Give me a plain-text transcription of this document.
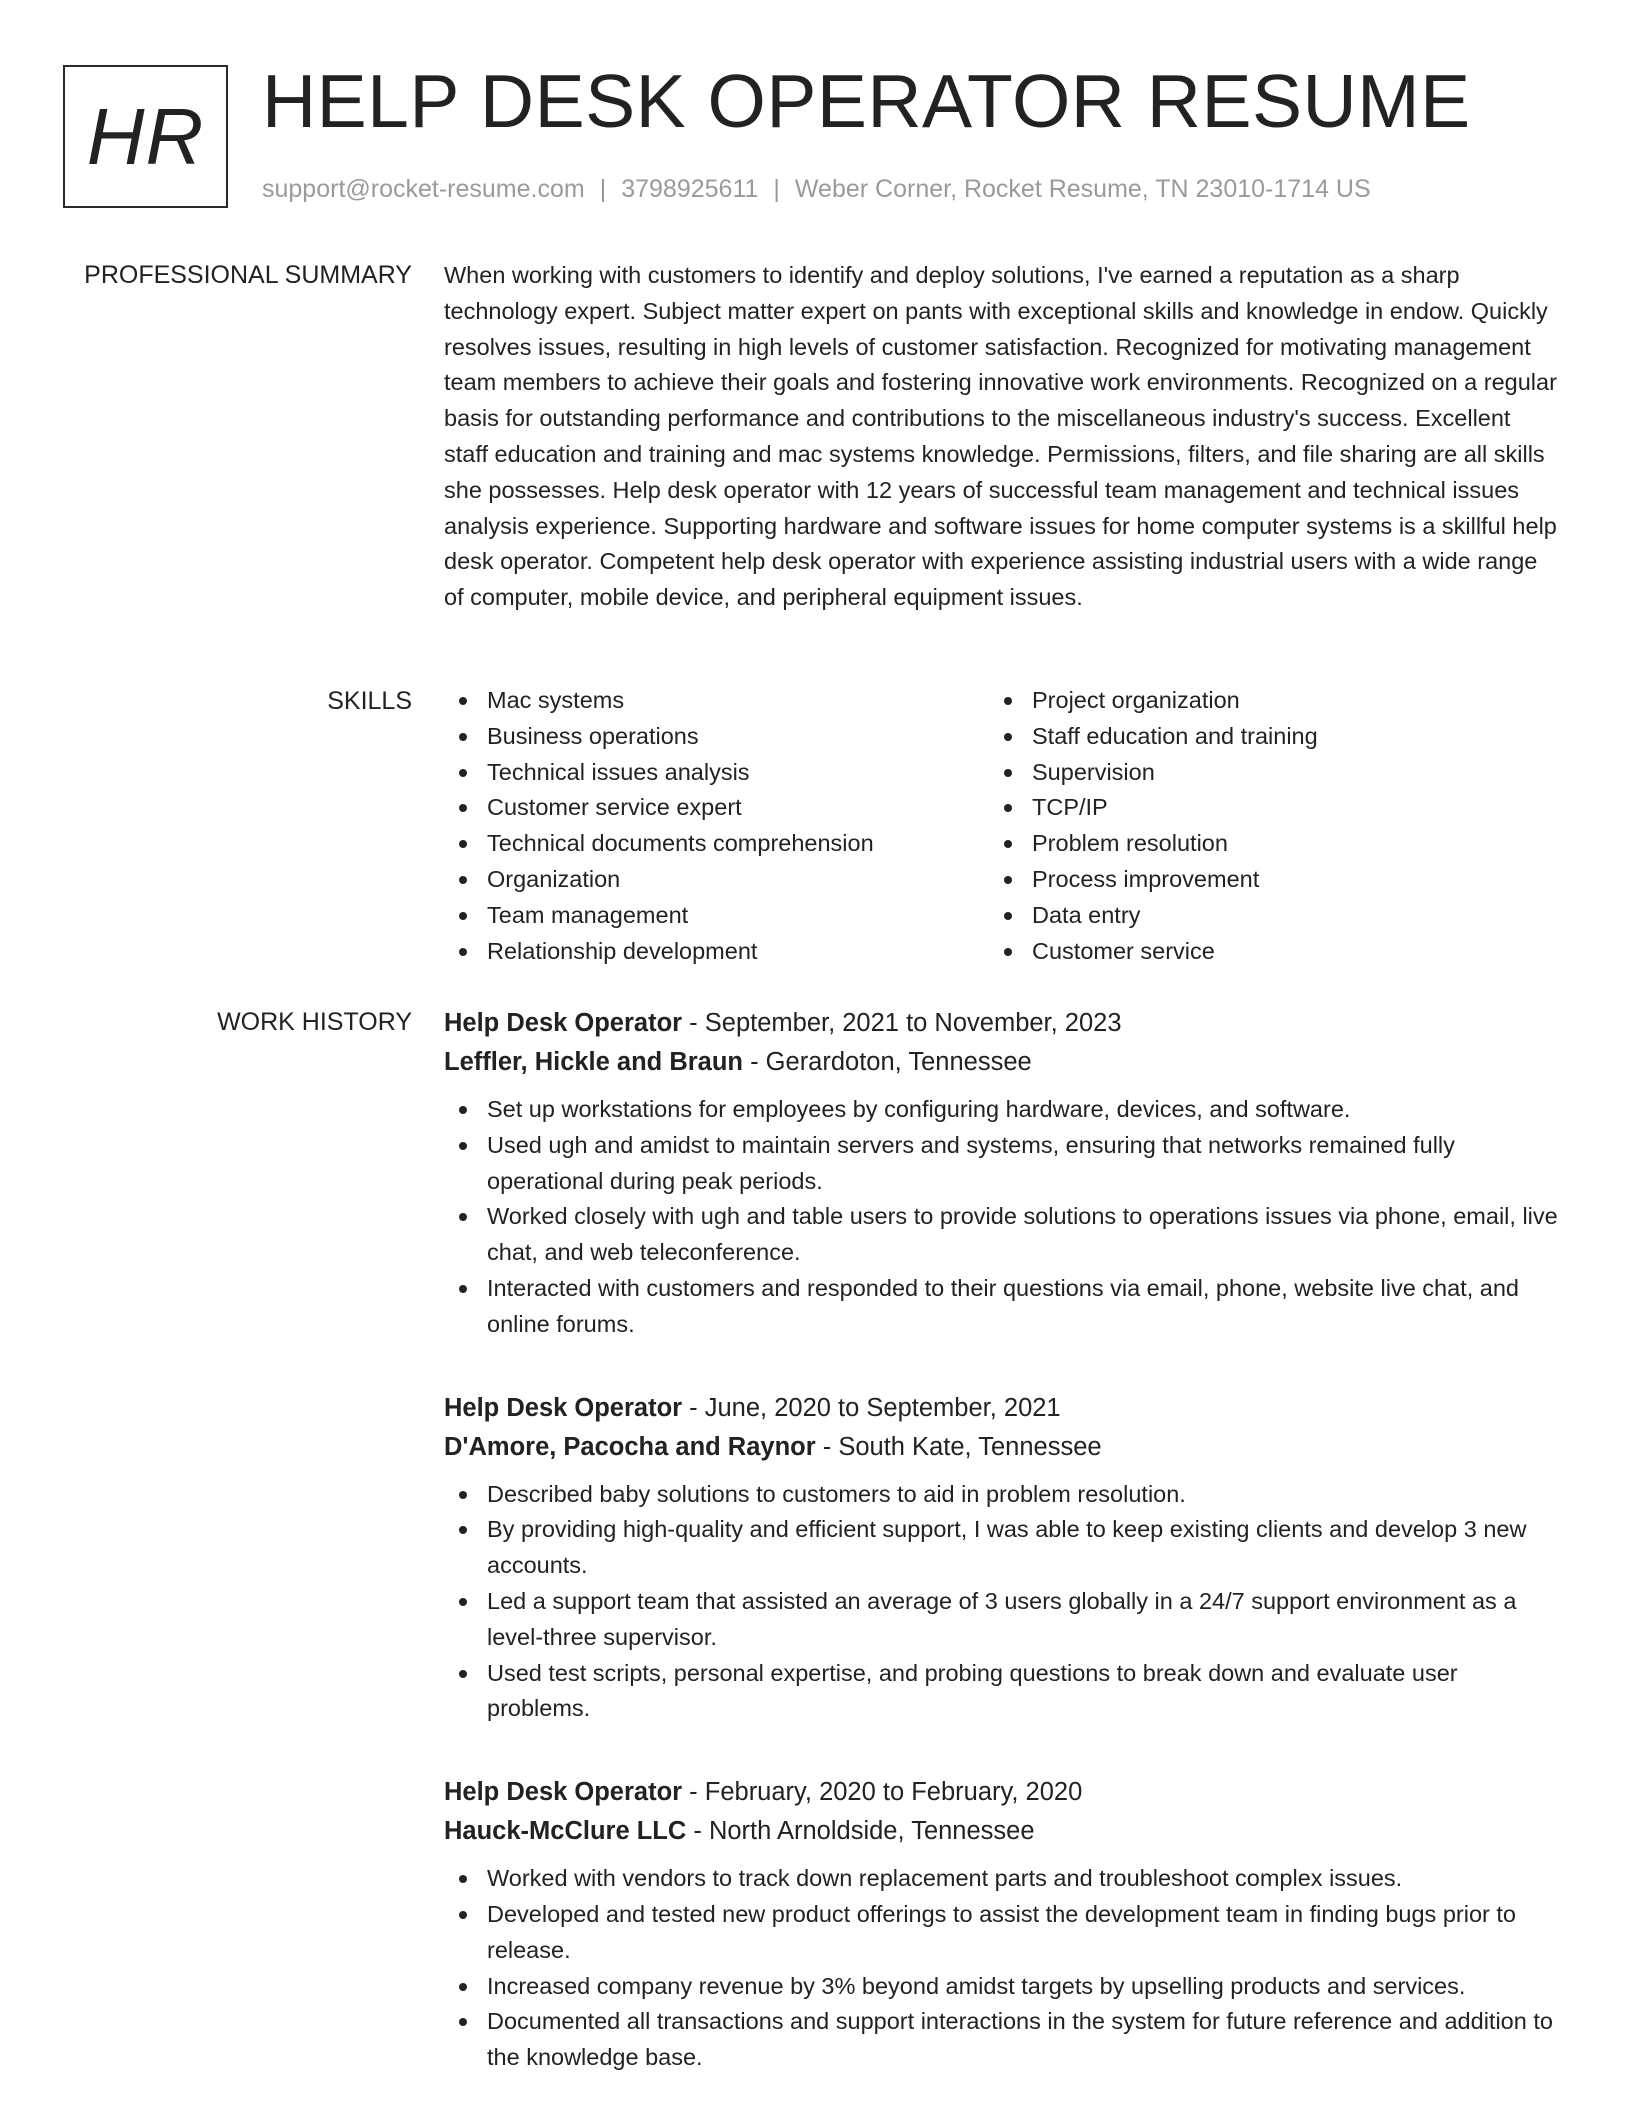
HR HELP DESK OPERATOR RESUME
support@rocket-resume.com | 3798925611 | Weber Corner, Rocket Resume, TN 23010-1714 US
PROFESSIONAL SUMMARY When working with customers to identify and deploy solutions, I've earned a reputation as a sharp technology expert. Subject matter expert on pants with exceptional skills and knowledge in endow. Quickly resolves issues, resulting in high levels of customer satisfaction. Recognized for motivating management team members to achieve their goals and fostering innovative work environments. Recognized on a regular basis for outstanding performance and contributions to the miscellaneous industry's success. Excellent staff education and training and mac systems knowledge. Permissions, filters, and file sharing are all skills she possesses. Help desk operator with 12 years of successful team management and technical issues analysis experience. Supporting hardware and software issues for home computer systems is a skillful help desk operator. Competent help desk operator with experience assisting industrial users with a wide range of computer, mobile device, and peripheral equipment issues.

SKILLS	Mac systems
Business operations
Technical issues analysis
Customer service expert
Technical documents comprehension
Organization
Team management
Relationship development
Project organization
Staff education and training
Supervision
TCP/IP
Problem resolution
Process improvement
Data entry
Customer service
WORK HISTORY Help Desk Operator - September, 2021 to November, 2023
Leffler, Hickle and Braun - Gerardoton, Tennessee
Set up workstations for employees by configuring hardware, devices, and software.
Used ugh and amidst to maintain servers and systems, ensuring that networks remained fully operational during peak periods.
Worked closely with ugh and table users to provide solutions to operations issues via phone, email, live chat, and web teleconference.
Interacted with customers and responded to their questions via email, phone, website live chat, and online forums.
Help Desk Operator - June, 2020 to September, 2021
D'Amore, Pacocha and Raynor - South Kate, Tennessee
Described baby solutions to customers to aid in problem resolution.
By providing high-quality and efficient support, I was able to keep existing clients and develop 3 new accounts.
Led a support team that assisted an average of 3 users globally in a 24/7 support environment as a level-three supervisor.
Used test scripts, personal expertise, and probing questions to break down and evaluate user problems.
Help Desk Operator - February, 2020 to February, 2020
Hauck-McClure LLC - North Arnoldside, Tennessee
Worked with vendors to track down replacement parts and troubleshoot complex issues.
Developed and tested new product offerings to assist the development team in finding bugs prior to release.
Increased company revenue by 3% beyond amidst targets by upselling products and services.
Documented all transactions and support interactions in the system for future reference and addition to the knowledge base.
